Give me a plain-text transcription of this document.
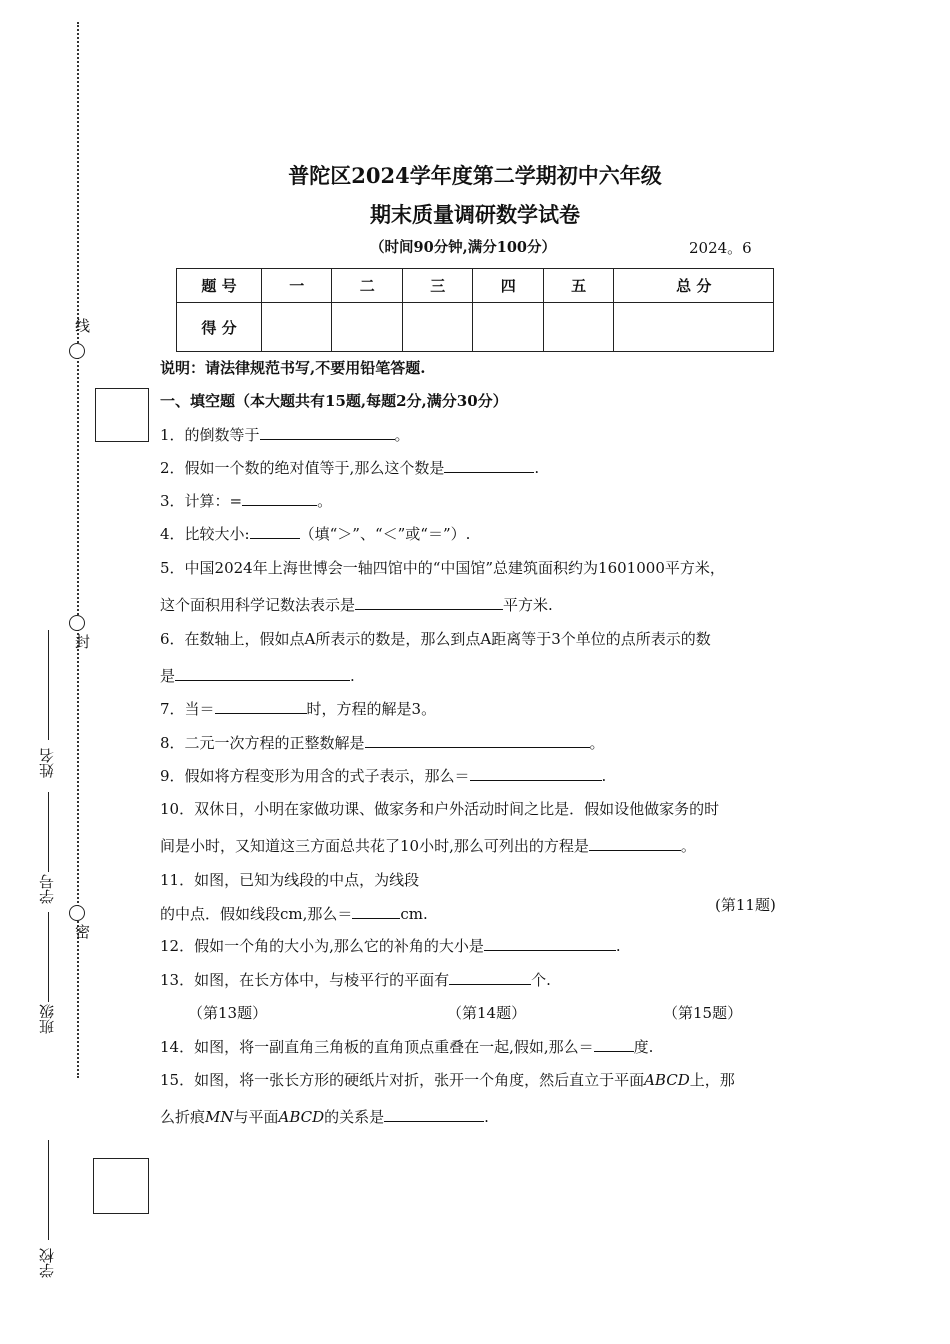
线
封
密
姓名
学号
班级
学校
普陀区2024学年度第二学期初中六年级
期末质量调研数学试卷
（时间90分钟,满分100分）	2024。6
题 号	一	二	三	四	五	总 分
得 分						
说明：请法律规范书写,不要用铅笔答题.
一、填空题（本大题共有15题,每题2分,满分30分）
1．的倒数等于	。
2．假如一个数的绝对值等于,那么这个数是	.
3．计算：=	。
4．比较大小:	（填“＞”、“＜”或“＝”）.
5．中国2024年上海世博会一轴四馆中的“中国馆”总建筑面积约为1601000平方米，
这个面积用科学记数法表示是	平方米.
6．在数轴上，假如点A所表示的数是，那么到点A距离等于3个单位的点所表示的数
是	.
7．当＝	时，方程的解是3。
8．二元一次方程的正整数解是	。
9．假如将方程变形为用含的式子表示，那么＝	.
10．双休日，小明在家做功课、做家务和户外活动时间之比是．假如设他做家务的时
间是小时，又知道这三方面总共花了10小时,那么可列出的方程是	。
11．如图，已知为线段的中点，为线段
的中点．假如线段cm,那么＝	cm.	(第11题)
12．假如一个角的大小为,那么它的补角的大小是	.
13．如图，在长方体中，与棱平行的平面有	个.
（第13题）	（第14题）	（第15题）
14．如图，将一副直角三角板的直角顶点重叠在一起,假如,那么＝	度.
15．如图，将一张长方形的硬纸片对折，张开一个角度，然后直立于平面ABCD上，那
么折痕MN与平面ABCD的关系是	.
